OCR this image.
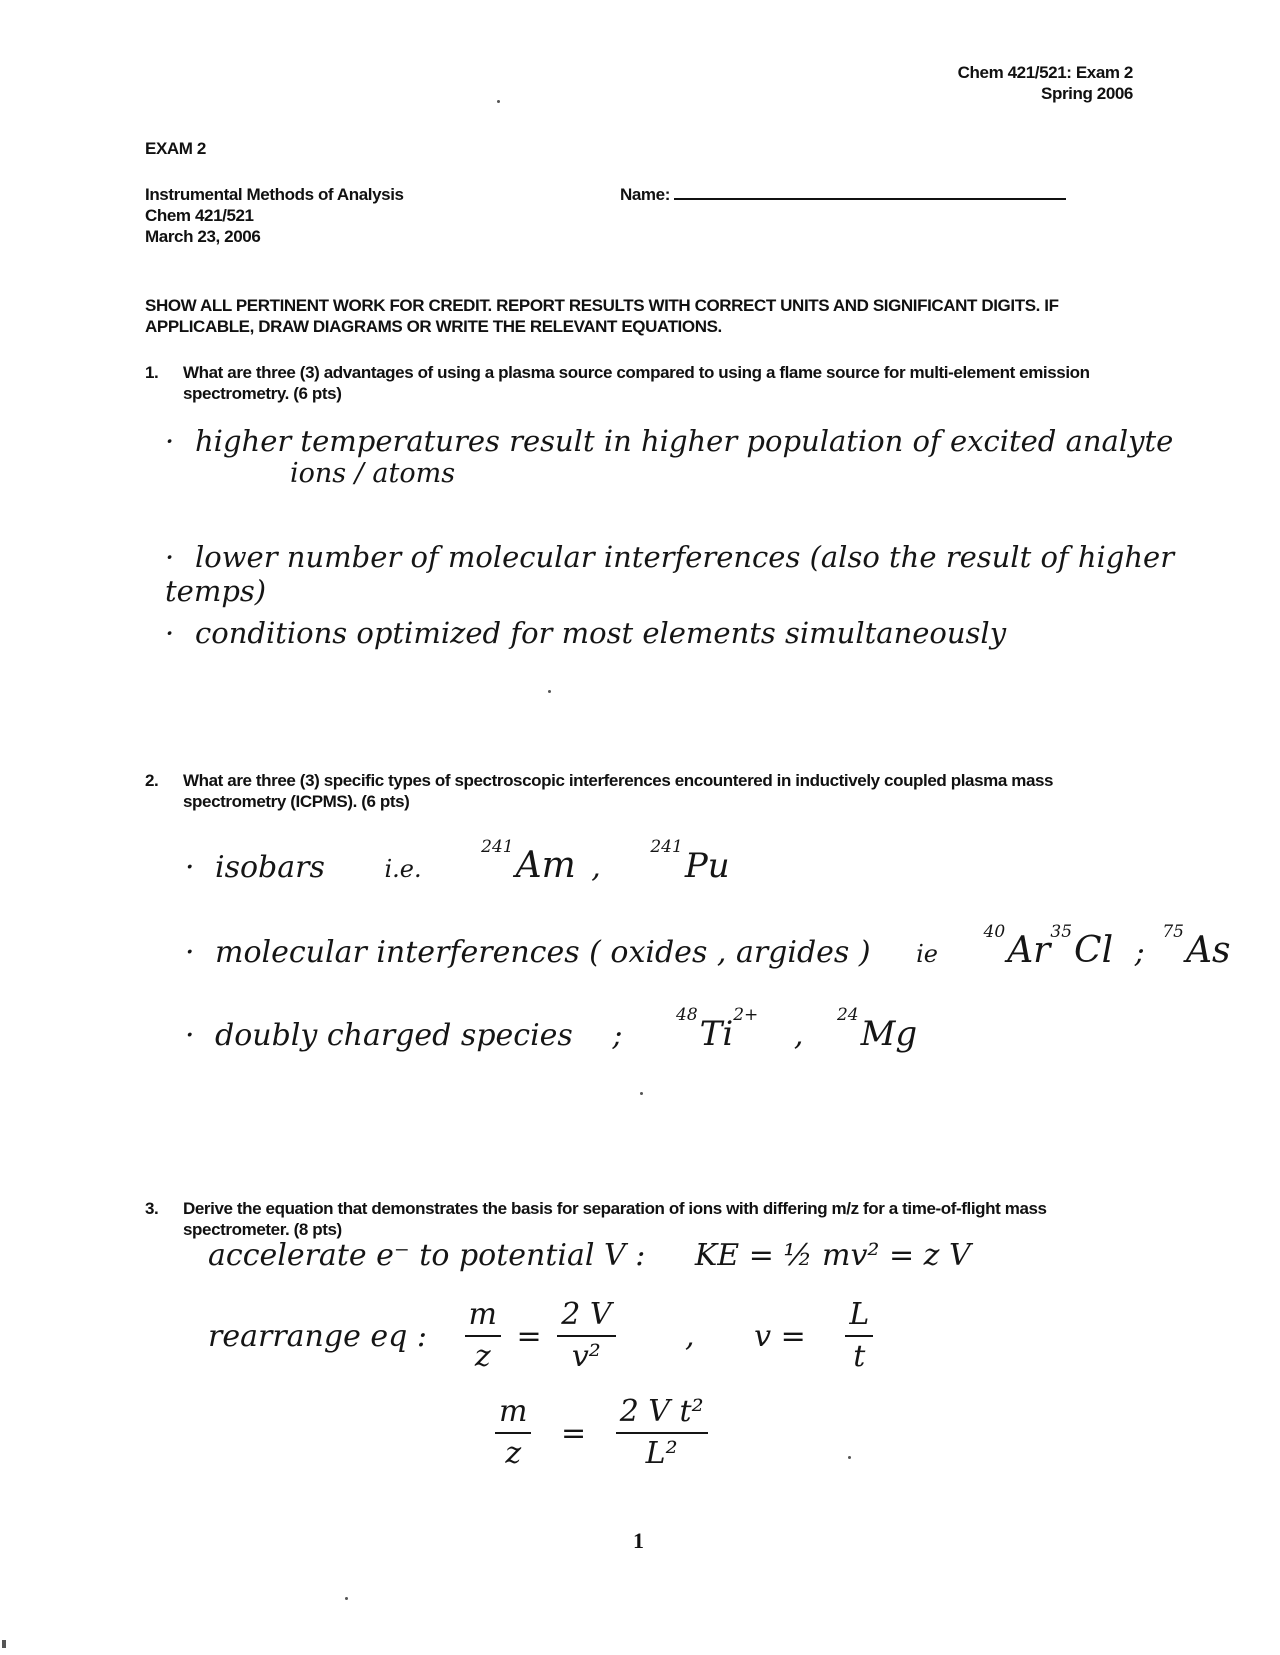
Chem 421/521: Exam 2
Spring 2006
EXAM 2
Instrumental Methods of Analysis
Chem 421/521
March 23, 2006
Name:
SHOW ALL PERTINENT WORK FOR CREDIT. REPORT RESULTS WITH CORRECT UNITS AND SIGNIFICANT DIGITS. IF APPLICABLE, DRAW DIAGRAMS OR WRITE THE RELEVANT EQUATIONS.
1.	What are three (3) advantages of using a plasma source compared to using a flame source for multi-element emission spectrometry. (6 pts)
· higher temperatures result in higher population of excited analyte
ions / atoms
· lower number of molecular interferences (also the result of higher temps)
· conditions optimized for most elements simultaneously
2.	What are three (3) specific types of spectroscopic interferences encountered in inductively coupled plasma mass spectrometry (ICPMS). (6 pts)
· isobars i.e. $^{241}$Am , $^{241}$Pu
· molecular interferences ( oxides , argides ) ie $^{40}$Ar$^{35}$Cl ; $^{75}$As
· doubly charged species ; $^{48}Ti^{2+}$ , $^{24}$Mg
3.	Derive the equation that demonstrates the basis for separation of ions with differing m/z for a time-of-flight mass spectrometer. (8 pts)
accelerate e⁻ to potential V : KE = ½ mv² = z V
rearrange eq : $\frac{m}{z} = \frac{2 V}{\text{v²}}$ , $v = \frac{L}{t}$
$\frac{m}{z} = \frac{\text{2 V t²}}{\text{L²}}$
1
